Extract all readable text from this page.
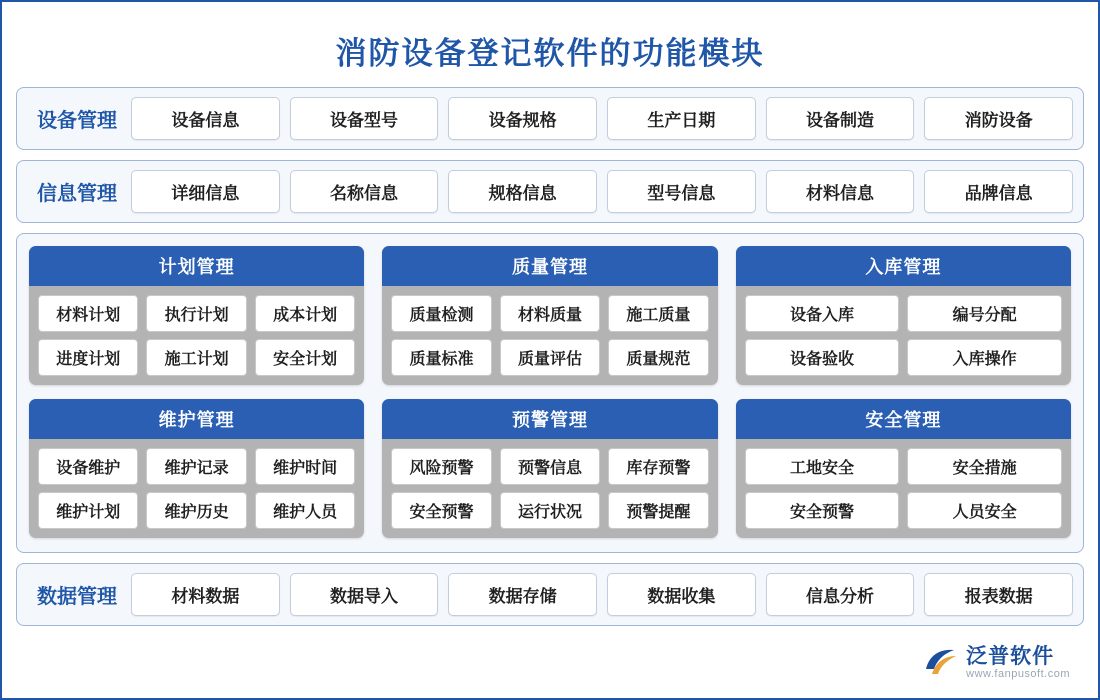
消防设备登记软件的功能模块
设备管理	设备信息	设备型号	设备规格	生产日期	设备制造	消防设备
信息管理	详细信息	名称信息	规格信息	型号信息	材料信息	品牌信息
计划管理
材料计划	执行计划	成本计划
进度计划	施工计划	安全计划
质量管理
质量检测	材料质量	施工质量
质量标准	质量评估	质量规范
入库管理
设备入库	编号分配
设备验收	入库操作
维护管理
设备维护	维护记录	维护时间
维护计划	维护历史	维护人员
预警管理
风险预警	预警信息	库存预警
安全预警	运行状况	预警提醒
安全管理
工地安全	安全措施
安全预警	人员安全
数据管理	材料数据	数据导入	数据存储	数据收集	信息分析	报表数据
泛普软件
www.fanpusoft.com
